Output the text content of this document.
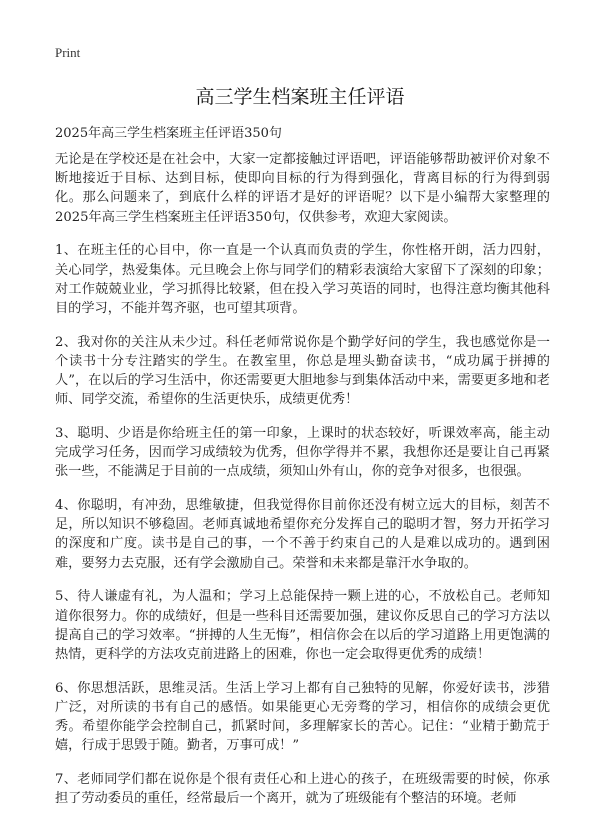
Print
高三学生档案班主任评语
2025年高三学生档案班主任评语350句

无论是在学校还是在社会中，大家一定都接触过评语吧，评语能够帮助被评价对象不断地接近于目标、达到目标，使即向目标的行为得到强化，背离目标的行为得到弱化。那么问题来了，到底什么样的评语才是好的评语呢？以下是小编帮大家整理的2025年高三学生档案班主任评语350句，仅供参考，欢迎大家阅读。

1、在班主任的心目中，你一直是一个认真而负责的学生，你性格开朗，活力四射，关心同学，热爱集体。元旦晚会上你与同学们的精彩表演给大家留下了深刻的印象；对工作兢兢业业，学习抓得比较紧，但在投入学习英语的同时，也得注意均衡其他科目的学习，不能并驾齐驱，也可望其项背。

2、我对你的关注从未少过。科任老师常说你是个勤学好问的学生，我也感觉你是一个读书十分专注踏实的学生。在教室里，你总是埋头勤奋读书，“成功属于拼搏的人”，在以后的学习生活中，你还需要更大胆地参与到集体活动中来，需要更多地和老师、同学交流，希望你的生活更快乐，成绩更优秀！

3、聪明、少语是你给班主任的第一印象，上课时的状态较好，听课效率高，能主动完成学习任务，因而学习成绩较为优秀，但你学得并不累，我想你还是要让自己再紧张一些，不能满足于目前的一点成绩，须知山外有山，你的竞争对很多，也很强。

4、你聪明，有冲劲，思维敏捷，但我觉得你目前你还没有树立远大的目标，刻苦不足，所以知识不够稳固。老师真诚地希望你充分发挥自己的聪明才智，努力开拓学习的深度和广度。读书是自己的事，一个不善于约束自己的人是难以成功的。遇到困难，要努力去克服，还有学会激励自己。荣誉和未来都是靠汗水争取的。

5、待人谦虚有礼，为人温和；学习上总能保持一颗上进的心，不放松自己。老师知道你很努力。你的成绩好，但是一些科目还需要加强，建议你反思自己的学习方法以提高自己的学习效率。“拼搏的人生无悔”，相信你会在以后的学习道路上用更饱满的热情，更科学的方法攻克前进路上的困难，你也一定会取得更优秀的成绩！

6、你思想活跃，思维灵活。生活上学习上都有自己独特的见解，你爱好读书，涉猎广泛，对所读的书有自己的感悟。如果能更心无旁骛的学习，相信你的成绩会更优秀。希望你能学会控制自己，抓紧时间，多理解家长的苦心。记住：“业精于勤荒于嬉，行成于思毁于随。勤者，万事可成！”

7、老师同学们都在说你是个很有责任心和上进心的孩子，在班级需要的时候，你承担了劳动委员的重任，经常最后一个离开，就为了班级能有个整洁的环境。老师
